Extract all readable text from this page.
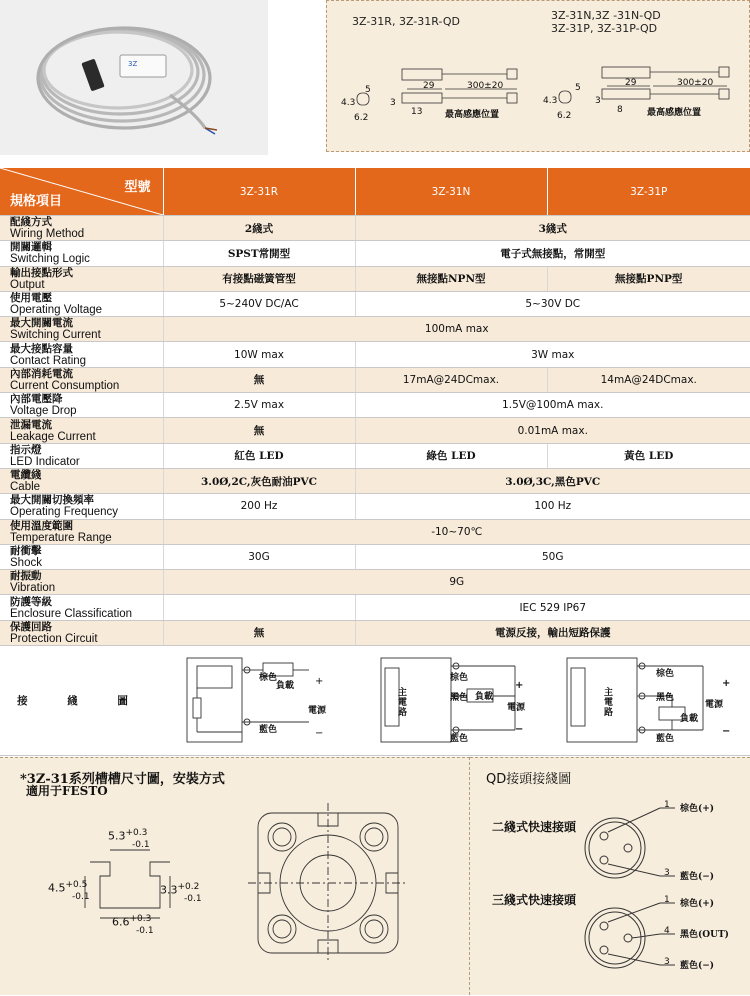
3Z
3Z-31R, 3Z-31R-QD	3Z-31N,3Z -31N-QD
3Z-31P, 3Z-31P-QD
5
4.3	3
6.2
29	300±20
13	最高感應位置
5
4.3	3
6.2
29	300±20
8	最高感應位置
型號
規格項目	3Z-31R	3Z-31N	3Z-31P

配綫方式
Wiring Method	2綫式	3綫式	

開關邏輯
Switching Logic	SPST常開型	電子式無接點，常開型	

輸出接點形式
Output	有接點磁簧管型	無接點NPN型	無接點PNP型

使用電壓
Operating Voltage	5~240V DC/AC	5~30V DC	

最大開關電流
Switching Current	100mA max		

最大接點容量
Contact Rating	10W max	3W max	

內部消耗電流
Current Consumption	無	17mA@24DCmax.	14mA@24DCmax.

內部電壓降
Voltage Drop	2.5V max	1.5V@100mA max.	

泄漏電流
Leakage Current	無	0.01mA max.	

指示燈
LED Indicator	紅色 LED	綠色 LED	黃色 LED

電纜綫
Cable	3.0Ø,2C,灰色耐油PVC	3.0Ø,3C,黑色PVC	

最大開關切換頻率
Operating Frequency	200 Hz	100 Hz	

使用溫度範圍
Temperature Range	-10~70℃		

耐衝擊
Shock	30G	50G	

耐振動
Vibration	9G		

防護等級
Enclosure Classification		IEC 529 IP67	

保護回路
Protection Circuit	無	電源反接，輸出短路保護	
接 綫 圖			
棕色
負載
電源
藍色
+
−
主電路
棕色
黑色 負載
電源
藍色
+
−
主電路
棕色
黑色
負載
電源
藍色
+
−
*3Z-31系列槽槽尺寸圖，安裝方式
適用于FESTO
$5.3^{+0.3}$
-0.1
$4.5^{+0.5}$
-0.1
$3.3^{+0.2}$
-0.1
$6.6^{+0.3}$
-0.1
QD接頭接綫圖
二綫式快速接頭
三綫式快速接頭
1 棕色(+)
3 藍色(−)
1 棕色(+)
4 黑色(OUT)
3 藍色(−)
